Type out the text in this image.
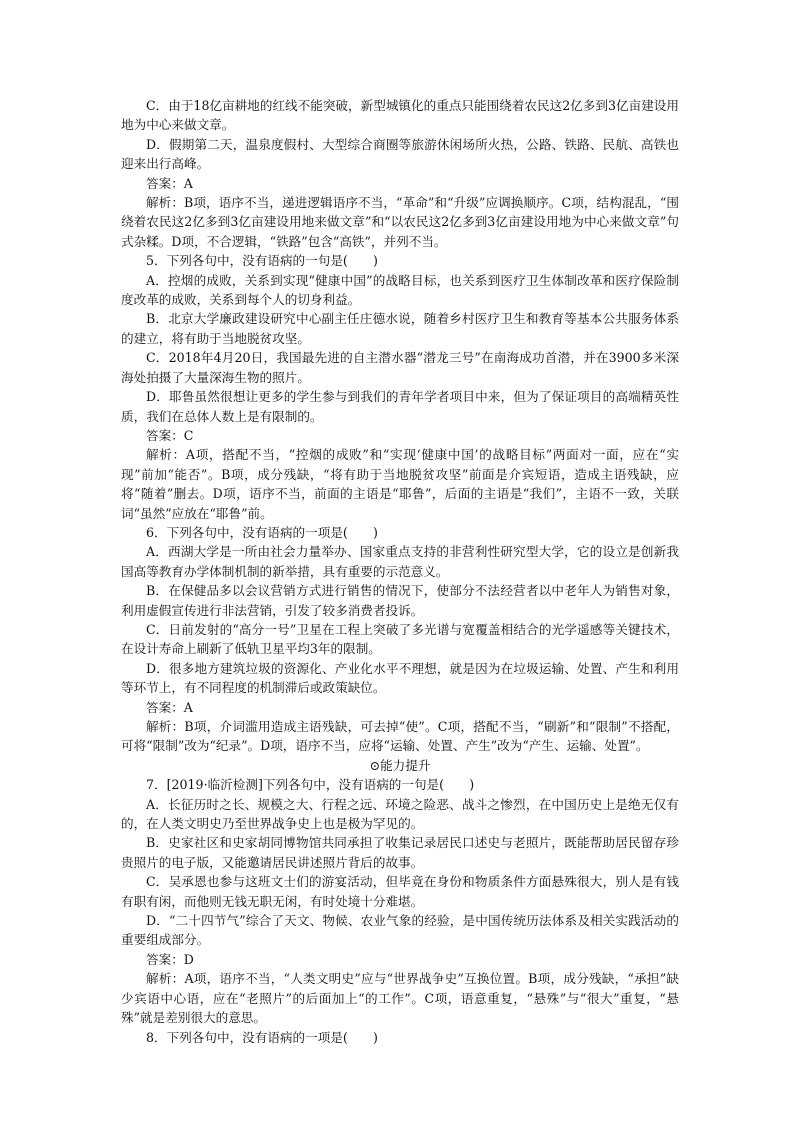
C．由于18亿亩耕地的红线不能突破，新型城镇化的重点只能围绕着农民这2亿多到3亿亩建设用地为中心来做文章。

D．假期第二天，温泉度假村、大型综合商圈等旅游休闲场所火热，公路、铁路、民航、高铁也迎来出行高峰。

答案：A

解析：B项，语序不当，递进逻辑语序不当，“革命”和“升级”应调换顺序。C项，结构混乱，“围绕着农民这2亿多到3亿亩建设用地来做文章”和“以农民这2亿多到3亿亩建设用地为中心来做文章”句式杂糅。D项，不合逻辑，“铁路”包含“高铁”，并列不当。

5．下列各句中，没有语病的一句是(　　)

A．控烟的成败，关系到实现“健康中国”的战略目标，也关系到医疗卫生体制改革和医疗保险制度改革的成败，关系到每个人的切身利益。

B．北京大学廉政建设研究中心副主任庄德水说，随着乡村医疗卫生和教育等基本公共服务体系的建立，将有助于当地脱贫攻坚。

C．2018年4月20日，我国最先进的自主潜水器“潜龙三号”在南海成功首潜，并在3900多米深海处拍摄了大量深海生物的照片。

D．耶鲁虽然很想让更多的学生参与到我们的青年学者项目中来，但为了保证项目的高端精英性质，我们在总体人数上是有限制的。

答案：C

解析：A项，搭配不当，“控烟的成败”和“实现‘健康中国’的战略目标”两面对一面，应在“实现”前加“能否”。B项，成分残缺，“将有助于当地脱贫攻坚”前面是介宾短语，造成主语残缺，应将“随着”删去。D项，语序不当，前面的主语是“耶鲁”，后面的主语是“我们”，主语不一致，关联词“虽然”应放在“耶鲁”前。

6．下列各句中，没有语病的一项是(　　)

A．西湖大学是一所由社会力量举办、国家重点支持的非营利性研究型大学，它的设立是创新我国高等教育办学体制机制的新举措，具有重要的示范意义。

B．在保健品多以会议营销方式进行销售的情况下，使部分不法经营者以中老年人为销售对象，利用虚假宣传进行非法营销，引发了较多消费者投诉。

C．日前发射的“高分一号”卫星在工程上突破了多光谱与宽覆盖相结合的光学遥感等关键技术，在设计寿命上刷新了低轨卫星平均3年的限制。

D．很多地方建筑垃圾的资源化、产业化水平不理想，就是因为在垃圾运输、处置、产生和利用等环节上，有不同程度的机制滞后或政策缺位。

答案：A

解析：B项，介词滥用造成主语残缺，可去掉“使”。C项，搭配不当，“刷新”和“限制”不搭配，可将“限制”改为“纪录”。D项，语序不当，应将“运输、处置、产生”改为“产生、运输、处置”。

⊙能力提升

7．[2019·临沂检测]下列各句中，没有语病的一句是(　　)

A．长征历时之长、规模之大、行程之远、环境之险恶、战斗之惨烈，在中国历史上是绝无仅有的，在人类文明史乃至世界战争史上也是极为罕见的。

B．史家社区和史家胡同博物馆共同承担了收集记录居民口述史与老照片，既能帮助居民留存珍贵照片的电子版，又能邀请居民讲述照片背后的故事。

C．吴承恩也参与这班文士们的游宴活动，但毕竟在身份和物质条件方面悬殊很大，别人是有钱有职有闲，而他则无钱无职无闲，有时处境十分难堪。

D．“二十四节气”综合了天文、物候、农业气象的经验，是中国传统历法体系及相关实践活动的重要组成部分。

答案：D

解析：A项，语序不当，“人类文明史”应与“世界战争史”互换位置。B项，成分残缺，“承担”缺少宾语中心语，应在“老照片”的后面加上“的工作”。C项，语意重复，“悬殊”与“很大”重复，“悬殊”就是差别很大的意思。

8．下列各句中，没有语病的一项是(　　)
